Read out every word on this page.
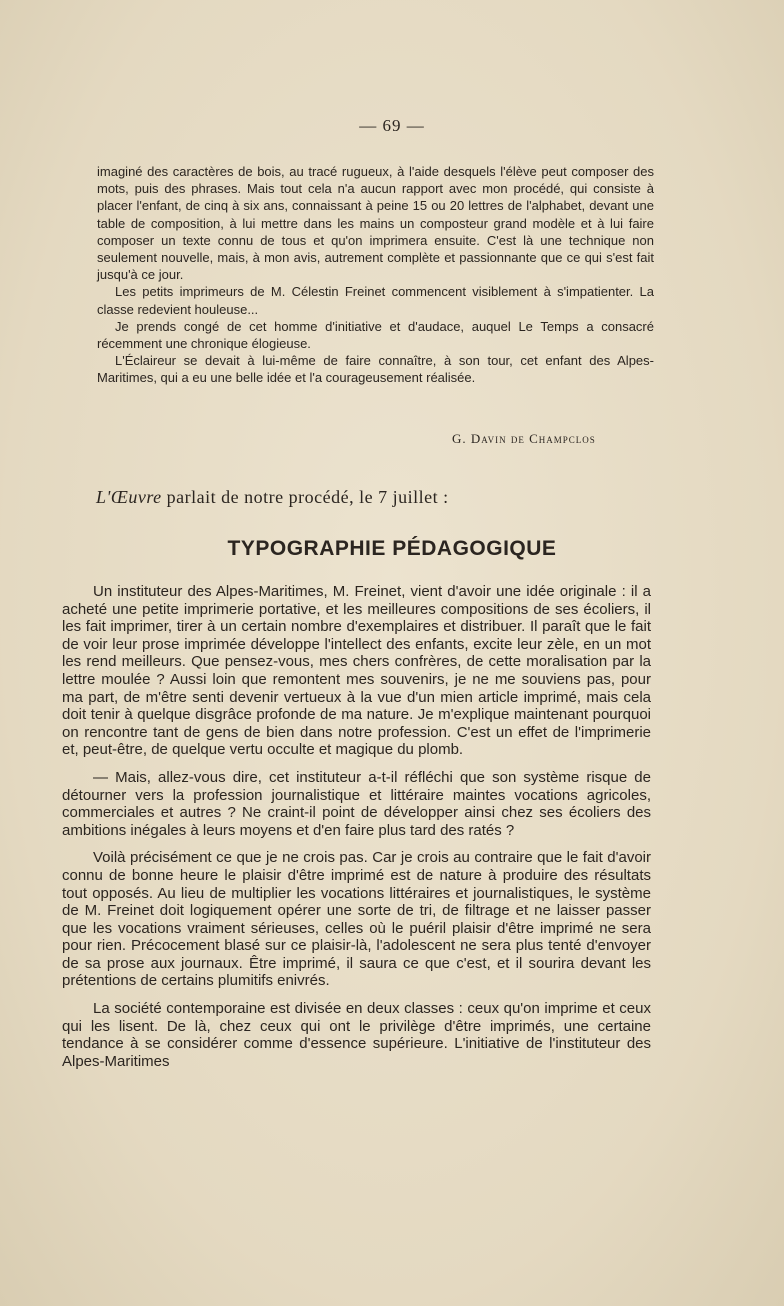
— 69 —

imaginé des caractères de bois, au tracé rugueux, à l'aide desquels l'élève peut composer des mots, puis des phrases. Mais tout cela n'a aucun rapport avec mon procédé, qui consiste à placer l'enfant, de cinq à six ans, connaissant à peine 15 ou 20 lettres de l'alphabet, devant une table de composition, à lui mettre dans les mains un composteur grand modèle et à lui faire composer un texte connu de tous et qu'on imprimera ensuite. C'est là une technique non seulement nouvelle, mais, à mon avis, autrement complète et passionnante que ce qui s'est fait jusqu'à ce jour.

Les petits imprimeurs de M. Célestin Freinet commencent visiblement à s'impatienter. La classe redevient houleuse...

Je prends congé de cet homme d'initiative et d'audace, auquel Le Temps a consacré récemment une chronique élogieuse.

L'Éclaireur se devait à lui-même de faire connaître, à son tour, cet enfant des Alpes-Maritimes, qui a eu une belle idée et l'a courageusement réalisée.

G. Davin de Champclos
L'Œuvre parlait de notre procédé, le 7 juillet :
TYPOGRAPHIE PÉDAGOGIQUE

Un instituteur des Alpes-Maritimes, M. Freinet, vient d'avoir une idée originale : il a acheté une petite imprimerie portative, et les meilleures compositions de ses écoliers, il les fait imprimer, tirer à un certain nombre d'exemplaires et distribuer. Il paraît que le fait de voir leur prose imprimée développe l'intellect des enfants, excite leur zèle, en un mot les rend meilleurs. Que pensez-vous, mes chers confrères, de cette moralisation par la lettre moulée ? Aussi loin que remontent mes souvenirs, je ne me souviens pas, pour ma part, de m'être senti devenir vertueux à la vue d'un mien article imprimé, mais cela doit tenir à quelque disgrâce profonde de ma nature. Je m'explique maintenant pourquoi on rencontre tant de gens de bien dans notre profession. C'est un effet de l'imprimerie et, peut-être, de quelque vertu occulte et magique du plomb.

— Mais, allez-vous dire, cet instituteur a-t-il réfléchi que son système risque de détourner vers la profession journalistique et littéraire maintes vocations agricoles, commerciales et autres ? Ne craint-il point de développer ainsi chez ses écoliers des ambitions inégales à leurs moyens et d'en faire plus tard des ratés ?

Voilà précisément ce que je ne crois pas. Car je crois au contraire que le fait d'avoir connu de bonne heure le plaisir d'être imprimé est de nature à produire des résultats tout opposés. Au lieu de multiplier les vocations littéraires et journalistiques, le système de M. Freinet doit logiquement opérer une sorte de tri, de filtrage et ne laisser passer que les vocations vraiment sérieuses, celles où le puéril plaisir d'être imprimé ne sera pour rien. Précocement blasé sur ce plaisir-là, l'adolescent ne sera plus tenté d'envoyer de sa prose aux journaux. Être imprimé, il saura ce que c'est, et il sourira devant les prétentions de certains plumitifs enivrés.

La société contemporaine est divisée en deux classes : ceux qu'on imprime et ceux qui les lisent. De là, chez ceux qui ont le privilège d'être imprimés, une certaine tendance à se considérer comme d'essence supérieure. L'initiative de l'instituteur des Alpes-Maritimes
